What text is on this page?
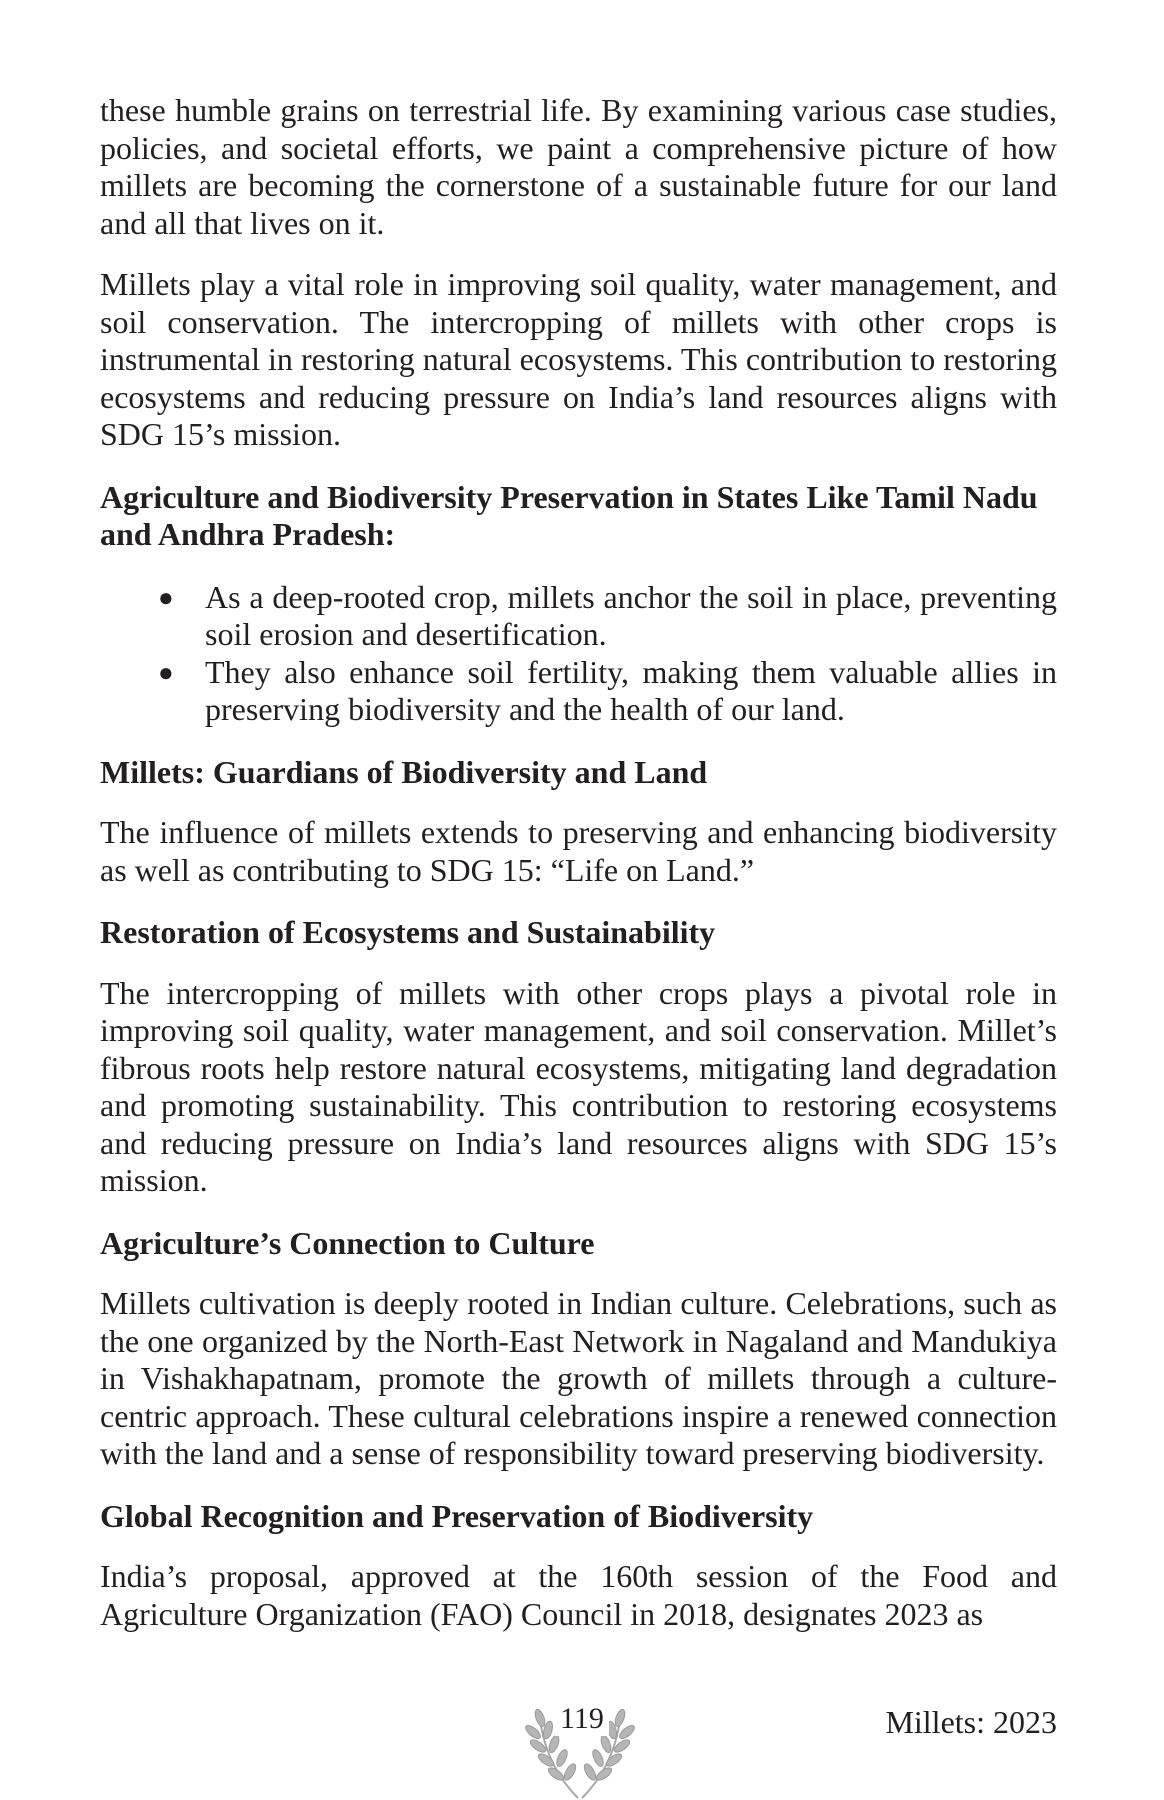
these humble grains on terrestrial life. By examining various case studies, policies, and societal efforts, we paint a comprehensive picture of how millets are becoming the cornerstone of a sustainable future for our land and all that lives on it.

Millets play a vital role in improving soil quality, water management, and soil conservation. The intercropping of millets with other crops is instrumental in restoring natural ecosystems. This contribution to restoring ecosystems and reducing pressure on India’s land resources aligns with SDG 15’s mission.

Agriculture and Biodiversity Preservation in States Like Tamil Nadu and Andhra Pradesh:
● As a deep-rooted crop, millets anchor the soil in place, preventing soil erosion and desertification.
● They also enhance soil fertility, making them valuable allies in preserving biodiversity and the health of our land.
Millets: Guardians of Biodiversity and Land

The influence of millets extends to preserving and enhancing biodiversity as well as contributing to SDG 15: “Life on Land.”

Restoration of Ecosystems and Sustainability

The intercropping of millets with other crops plays a pivotal role in improving soil quality, water management, and soil conservation. Millet’s fibrous roots help restore natural ecosystems, mitigating land degradation and promoting sustainability. This contribution to restoring ecosystems and reducing pressure on India’s land resources aligns with SDG 15’s mission.

Agriculture’s Connection to Culture

Millets cultivation is deeply rooted in Indian culture. Celebrations, such as the one organized by the North-East Network in Nagaland and Mandukiya in Vishakhapatnam, promote the growth of millets through a culture-centric approach. These cultural celebrations inspire a renewed connection with the land and a sense of responsibility toward preserving biodiversity.

Global Recognition and Preservation of Biodiversity

India’s proposal, approved at the 160th session of the Food and Agriculture Organization (FAO) Council in 2018, designates 2023 as

119	Millets: 2023
